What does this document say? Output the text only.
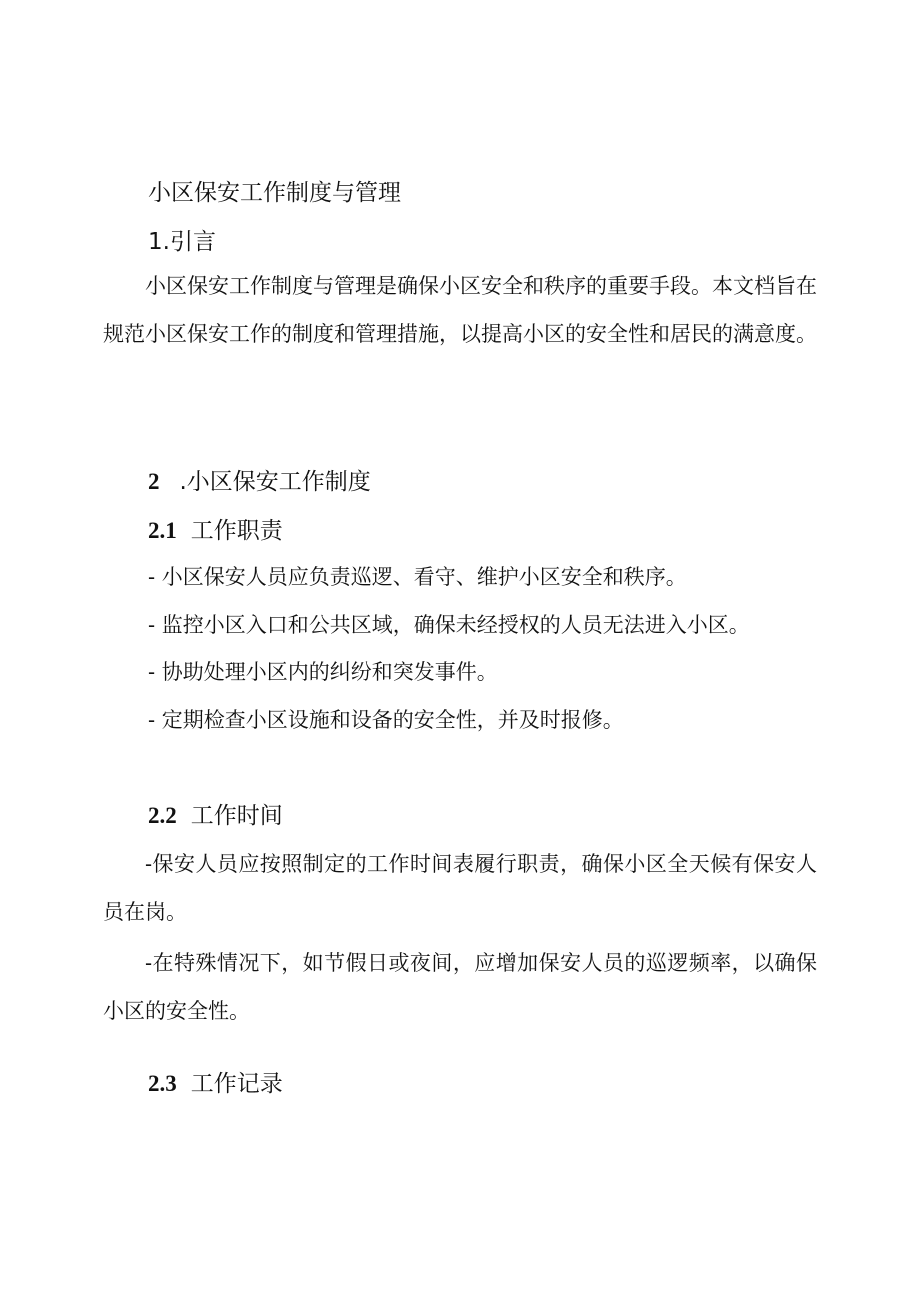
小区保安工作制度与管理
1.引言
小区保安工作制度与管理是确保小区安全和秩序的重要手段。本文档旨在规范小区保安工作的制度和管理措施，以提高小区的安全性和居民的满意度。
2 .小区保安工作制度
2.1 工作职责
- 小区保安人员应负责巡逻、看守、维护小区安全和秩序。
- 监控小区入口和公共区域，确保未经授权的人员无法进入小区。
- 协助处理小区内的纠纷和突发事件。
- 定期检查小区设施和设备的安全性，并及时报修。
2.2 工作时间
-保安人员应按照制定的工作时间表履行职责，确保小区全天候有保安人员在岗。
-在特殊情况下，如节假日或夜间，应增加保安人员的巡逻频率，以确保小区的安全性。
2.3 工作记录
